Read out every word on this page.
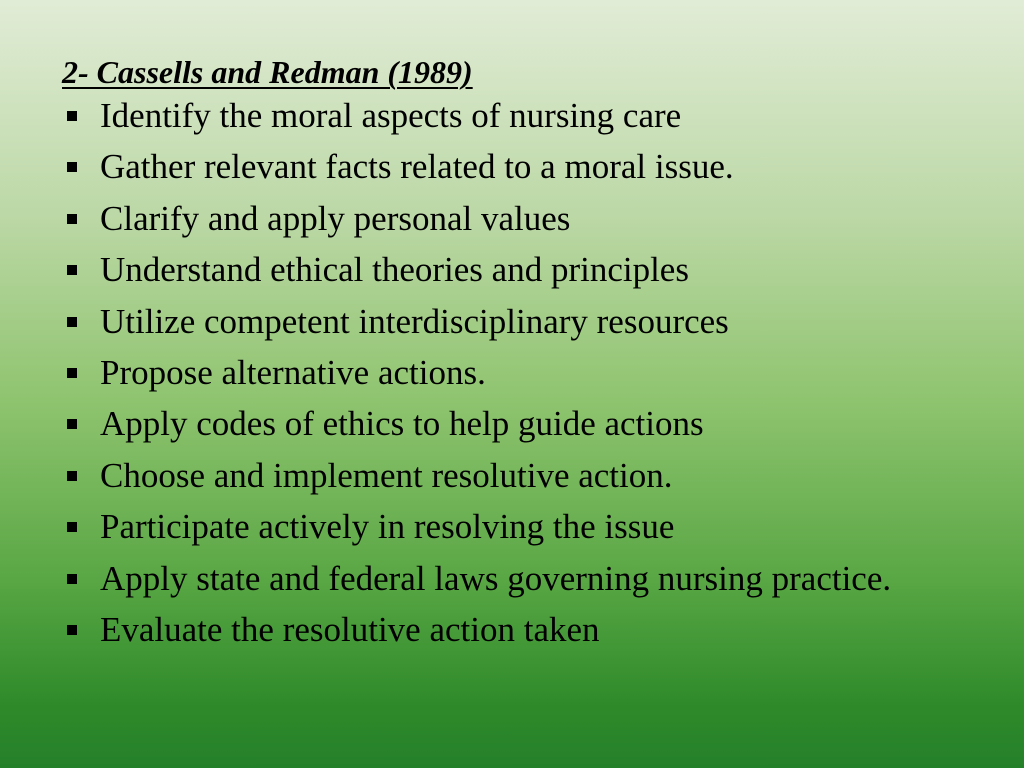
2- Cassells and Redman (1989)
Identify the moral aspects of nursing care
Gather relevant facts related to a moral issue.
Clarify and apply personal values
Understand ethical theories and principles
Utilize competent interdisciplinary resources
Propose alternative actions.
Apply codes of ethics to help guide actions
Choose and implement resolutive action.
Participate actively in resolving the issue
Apply state and federal laws governing nursing practice.
Evaluate the resolutive action taken
